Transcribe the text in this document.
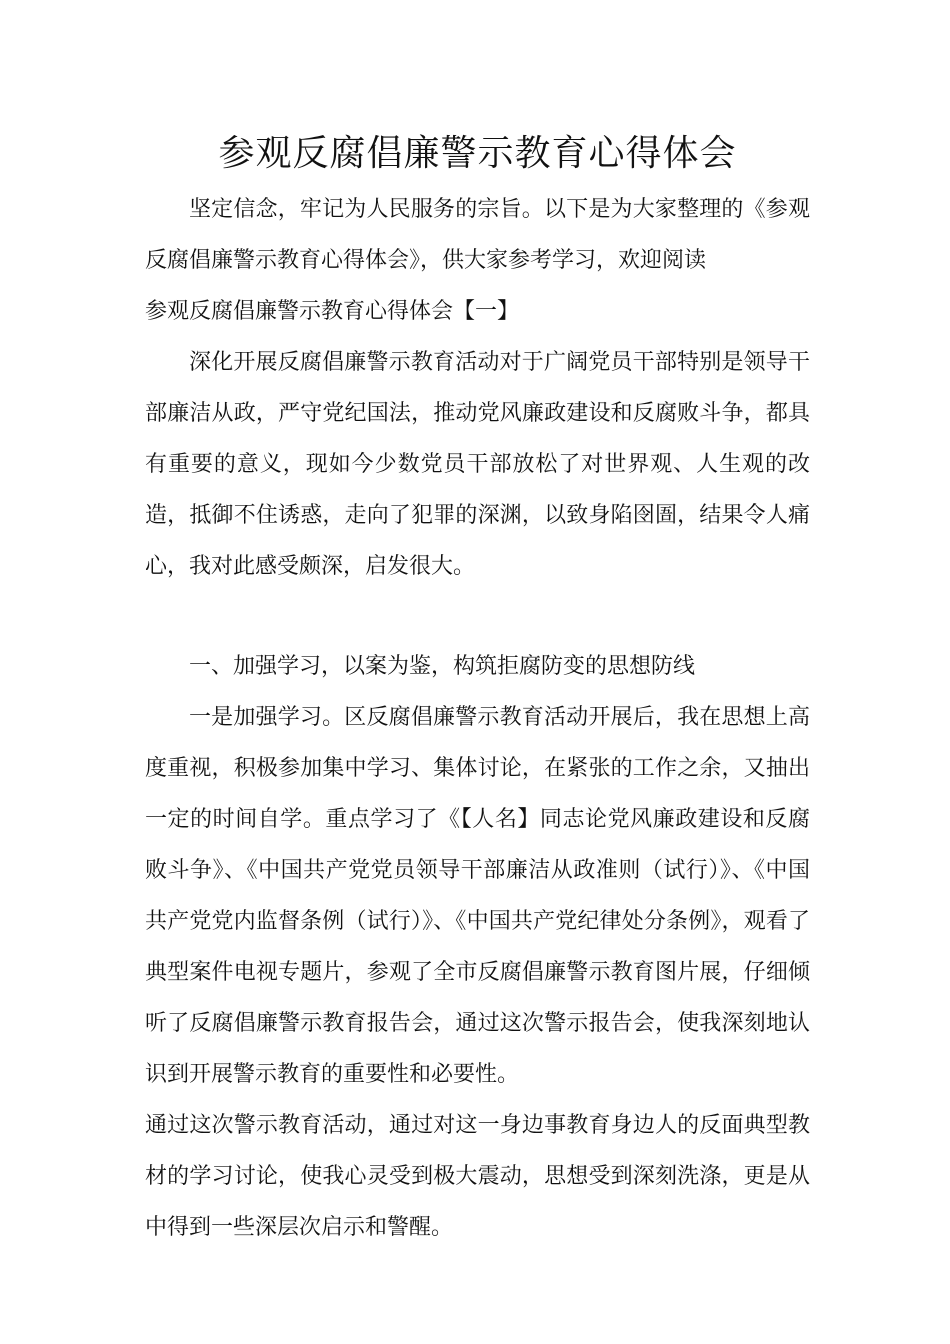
参观反腐倡廉警示教育心得体会

坚定信念，牢记为人民服务的宗旨。以下是为大家整理的《参观反腐倡廉警示教育心得体会》，供大家参考学习，欢迎阅读

参观反腐倡廉警示教育心得体会【一】

深化开展反腐倡廉警示教育活动对于广阔党员干部特别是领导干部廉洁从政，严守党纪国法，推动党风廉政建设和反腐败斗争，都具有重要的意义，现如今少数党员干部放松了对世界观、人生观的改造，抵御不住诱惑，走向了犯罪的深渊，以致身陷囹圄，结果令人痛心，我对此感受颇深，启发很大。

一、加强学习，以案为鉴，构筑拒腐防变的思想防线

一是加强学习。区反腐倡廉警示教育活动开展后，我在思想上高度重视，积极参加集中学习、集体讨论，在紧张的工作之余，又抽出一定的时间自学。重点学习了《【人名】同志论党风廉政建设和反腐败斗争》、《中国共产党党员领导干部廉洁从政准则（试行）》、《中国共产党党内监督条例（试行）》、《中国共产党纪律处分条例》，观看了典型案件电视专题片，参观了全市反腐倡廉警示教育图片展，仔细倾听了反腐倡廉警示教育报告会，通过这次警示报告会，使我深刻地认识到开展警示教育的重要性和必要性。

通过这次警示教育活动，通过对这一身边事教育身边人的反面典型教材的学习讨论，使我心灵受到极大震动，思想受到深刻洗涤，更是从中得到一些深层次启示和警醒。
